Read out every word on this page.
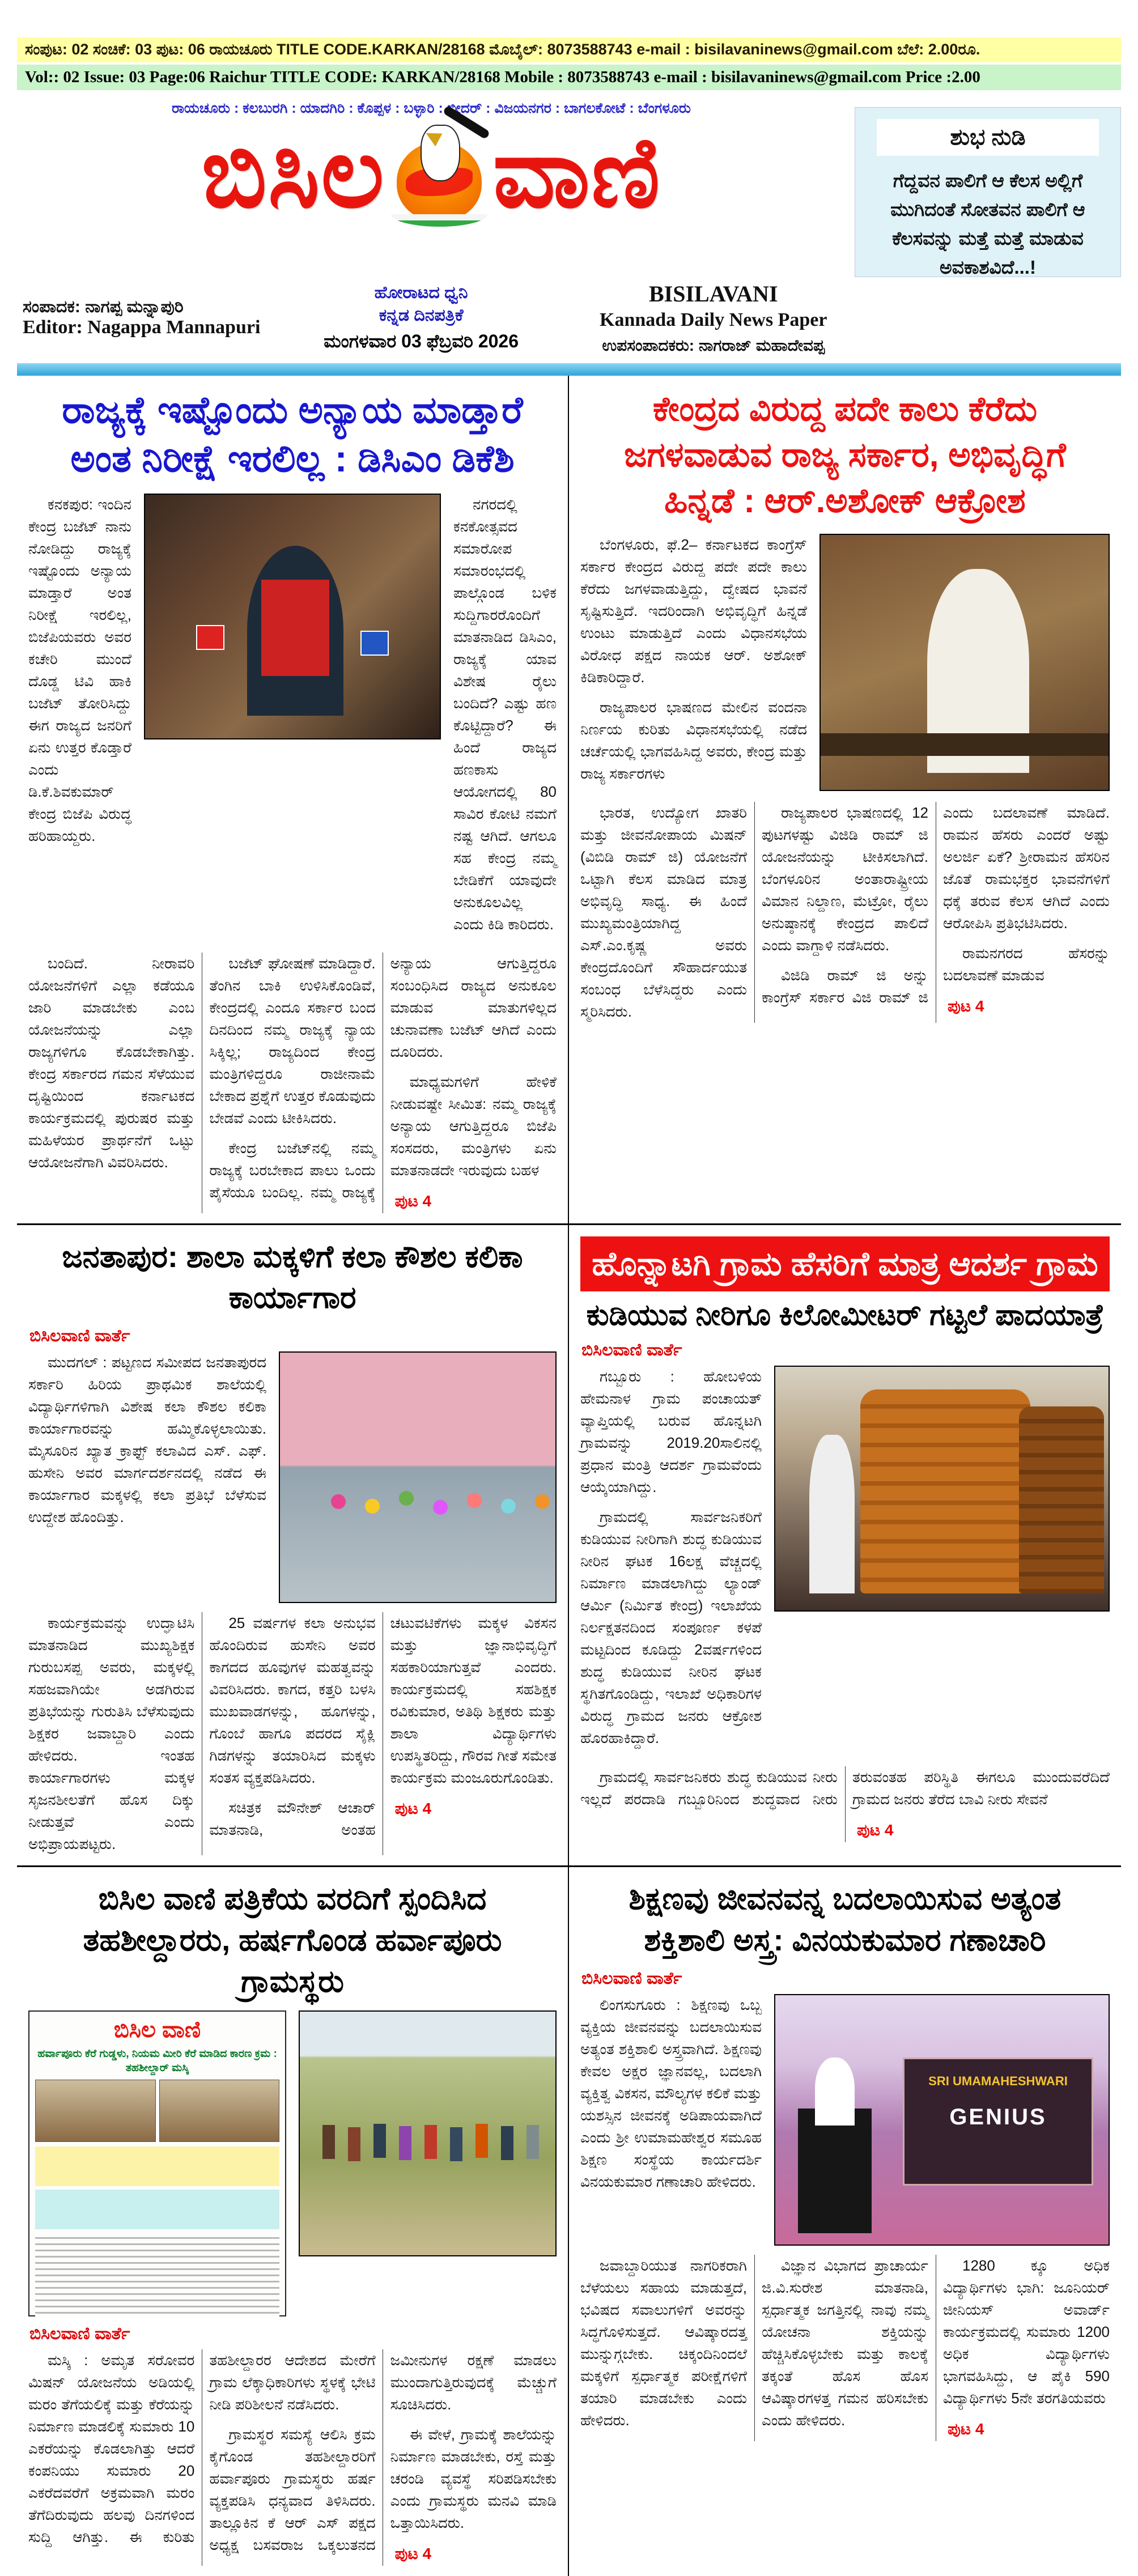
ಸಂಪುಟ: 02 ಸಂಚಿಕೆ: 03 ಪುಟ: 06 ರಾಯಚೂರು TITLE CODE.KARKAN/28168 ಮೊಬೈಲ್: 8073588743 e-mail : bisilavaninews@gmail.com ಬೆಲೆ: 2.00ರೂ.
Vol:: 02 Issue: 03 Page:06 Raichur TITLE CODE: KARKAN/28168 Mobile : 8073588743 e-mail : bisilavaninews@gmail.com Price :2.00
ರಾಯಚೂರು : ಕಲಬುರಗಿ : ಯಾದಗಿರಿ : ಕೊಪ್ಪಳ : ಬಳ್ಳಾರಿ : ಬೀದರ್ : ವಿಜಯನಗರ : ಬಾಗಲಕೋಟೆ : ಬೆಂಗಳೂರು
ಬಿಸಿಲ ವಾಣಿ	ಶುಭ ನುಡಿ
ಗೆದ್ದವನ ಪಾಲಿಗೆ ಆ ಕೆಲಸ ಅಲ್ಲಿಗೆ ಮುಗಿದಂತೆ ಸೋತವನ ಪಾಲಿಗೆ ಆ ಕೆಲಸವನ್ನು ಮತ್ತೆ ಮತ್ತೆ ಮಾಡುವ ಅವಕಾಶವಿದೆ...!
ಸಂಪಾದಕ: ನಾಗಪ್ಪ ಮನ್ನಾಪುರಿ
Editor: Nagappa Mannapuri
ಹೋರಾಟದ ಧ್ವನಿ
ಕನ್ನಡ ದಿನಪತ್ರಿಕೆ
ಮಂಗಳವಾರ 03 ಫೆಬ್ರವರಿ 2026
BISILAVANI
Kannada Daily News Paper
ಉಪಸಂಪಾದಕರು: ನಾಗರಾಜ್ ಮಹಾದೇವಪ್ಪ
ರಾಜ್ಯಕ್ಕೆ ಇಷ್ಟೊಂದು ಅನ್ಯಾಯ ಮಾಡ್ತಾರೆ ಅಂತ ನಿರೀಕ್ಷೆ ಇರಲಿಲ್ಲ : ಡಿಸಿಎಂ ಡಿಕೆಶಿ

ಕನಕಪುರ: ಇಂದಿನ ಕೇಂದ್ರ ಬಜೆಟ್ ನಾನು ನೋಡಿದ್ದು ರಾಜ್ಯಕ್ಕೆ ಇಷ್ಟೊಂದು ಅನ್ಯಾಯ ಮಾಡ್ತಾರೆ ಅಂತ ನಿರೀಕ್ಷೆ ಇರಲಿಲ್ಲ, ಬಿಜೆಪಿಯವರು ಅವರ ಕಚೇರಿ ಮುಂದೆ ದೊಡ್ಡ ಟಿವಿ ಹಾಕಿ ಬಜೆಟ್ ತೋರಿಸಿದ್ದು ಈಗ ರಾಜ್ಯದ ಜನರಿಗೆ ಏನು ಉತ್ತರ ಕೊಡ್ತಾರೆ ಎಂದು ಡಿ.ಕೆ.ಶಿವಕುಮಾರ್ ಕೇಂದ್ರ ಬಿಜೆಪಿ ವಿರುದ್ಧ ಹರಿಹಾಯ್ದರು.

ನಗರದಲ್ಲಿ ಕನಕೋತ್ಸವದ ಸಮಾರೋಪ ಸಮಾರಂಭದಲ್ಲಿ ಪಾಲ್ಗೊಂಡ ಬಳಿಕ ಸುದ್ದಿಗಾರರೊಂದಿಗೆ ಮಾತನಾಡಿದ ಡಿಸಿಎಂ, ರಾಜ್ಯಕ್ಕೆ ಯಾವ ವಿಶೇಷ ರೈಲು ಬಂದಿದೆ? ಎಷ್ಟು ಹಣ ಕೊಟ್ಟಿದ್ದಾರೆ? ಈ ಹಿಂದೆ ರಾಜ್ಯದ ಹಣಕಾಸು ಆಯೋಗದಲ್ಲಿ 80 ಸಾವಿರ ಕೋಟಿ ನಮಗೆ ನಷ್ಟ ಆಗಿದೆ. ಆಗಲೂ ಸಹ ಕೇಂದ್ರ ನಮ್ಮ ಬೇಡಿಕೆಗೆ ಯಾವುದೇ ಅನುಕೂಲವಿಲ್ಲ ಎಂದು ಕಿಡಿ ಕಾರಿದರು.

ಬಂದಿದೆ. ನೀರಾವರಿ ಯೋಜನೆಗಳಿಗೆ ಎಲ್ಲಾ ಕಡೆಯೂ ಜಾರಿ ಮಾಡಬೇಕು ಎಂಬ ಯೋಜನೆಯನ್ನು ಎಲ್ಲಾ ರಾಜ್ಯಗಳಿಗೂ ಕೊಡಬೇಕಾಗಿತ್ತು. ಕೇಂದ್ರ ಸರ್ಕಾರದ ಗಮನ ಸೆಳೆಯುವ ದೃಷ್ಟಿಯಿಂದ ಕರ್ನಾಟಕದ ಕಾರ್ಯಕ್ರಮದಲ್ಲಿ ಪುರುಷರ ಮತ್ತು ಮಹಿಳೆಯರ ಪ್ರಾರ್ಥನೆಗೆ ಒಟ್ಟು ಆಯೋಜನೆಗಾಗಿ ವಿವರಿಸಿದರು.

ಬಜೆಟ್ ಘೋಷಣೆ ಮಾಡಿದ್ದಾರೆ. ತೆಂಗಿನ ಬಾಕಿ ಉಳಿಸಿಕೊಂಡಿವೆ, ಕೇಂದ್ರದಲ್ಲಿ ಎಂದೂ ಸರ್ಕಾರ ಬಂದ ದಿನದಿಂದ ನಮ್ಮ ರಾಜ್ಯಕ್ಕೆ ನ್ಯಾಯ ಸಿಕ್ಕಿಲ್ಲ; ರಾಜ್ಯದಿಂದ ಕೇಂದ್ರ ಮಂತ್ರಿಗಳಿದ್ದರೂ ರಾಜೀನಾಮೆ ಬೇಕಾದ ಪ್ರಶ್ನೆಗೆ ಉತ್ತರ ಕೊಡುವುದು ಬೇಡವೆ ಎಂದು ಟೀಕಿಸಿದರು.

ಕೇಂದ್ರ ಬಜೆಟ್‌ನಲ್ಲಿ ನಮ್ಮ ರಾಜ್ಯಕ್ಕೆ ಬರಬೇಕಾದ ಪಾಲು ಒಂದು ಪೈಸೆಯೂ ಬಂದಿಲ್ಲ. ನಮ್ಮ ರಾಜ್ಯಕ್ಕೆ ಅನ್ಯಾಯ ಆಗುತ್ತಿದ್ದರೂ ಸಂಬಂಧಿಸಿದ ರಾಜ್ಯದ ಅನುಕೂಲ ಮಾಡುವ ಮಾತುಗಳಿಲ್ಲದ ಚುನಾವಣಾ ಬಜೆಟ್ ಆಗಿದೆ ಎಂದು ದೂರಿದರು.

ಮಾಧ್ಯಮಗಳಿಗೆ ಹೇಳಿಕೆ ನೀಡುವಷ್ಟೇ ಸೀಮಿತ: ನಮ್ಮ ರಾಜ್ಯಕ್ಕೆ ಅನ್ಯಾಯ ಆಗುತ್ತಿದ್ದರೂ ಬಿಜೆಪಿ ಸಂಸದರು, ಮಂತ್ರಿಗಳು ಏನು ಮಾತನಾಡದೇ ಇರುವುದು ಬಹಳ

ಪುಟ 4
ಕೇಂದ್ರದ ವಿರುದ್ದ ಪದೇ ಕಾಲು ಕೆರೆದು ಜಗಳವಾಡುವ ರಾಜ್ಯ ಸರ್ಕಾರ, ಅಭಿವೃದ್ಧಿಗೆ ಹಿನ್ನಡೆ : ಆರ್.ಅಶೋಕ್ ಆಕ್ರೋಶ

ಬೆಂಗಳೂರು, ಫೆ.2– ಕರ್ನಾಟಕದ ಕಾಂಗ್ರೆಸ್ ಸರ್ಕಾರ ಕೇಂದ್ರದ ವಿರುದ್ದ ಪದೇ ಪದೇ ಕಾಲು ಕೆರೆದು ಜಗಳವಾಡುತ್ತಿದ್ದು, ದ್ವೇಷದ ಭಾವನೆ ಸೃಷ್ಟಿಸುತ್ತಿದೆ. ಇದರಿಂದಾಗಿ ಅಭಿವೃದ್ಧಿಗೆ ಹಿನ್ನಡೆ ಉಂಟು ಮಾಡುತ್ತಿದೆ ಎಂದು ವಿಧಾನಸಭೆಯ ವಿರೋಧ ಪಕ್ಷದ ನಾಯಕ ಆರ್. ಅಶೋಕ್ ಕಿಡಿಕಾರಿದ್ದಾರೆ.

ರಾಜ್ಯಪಾಲರ ಭಾಷಣದ ಮೇಲಿನ ವಂದನಾ ನಿರ್ಣಯ ಕುರಿತು ವಿಧಾನಸಭೆಯಲ್ಲಿ ನಡೆದ ಚರ್ಚೆಯಲ್ಲಿ ಭಾಗವಹಿಸಿದ್ದ ಅವರು, ಕೇಂದ್ರ ಮತ್ತು ರಾಜ್ಯ ಸರ್ಕಾರಗಳು

ಭಾರತ, ಉದ್ಯೋಗ ಖಾತರಿ ಮತ್ತು ಜೀವನೋಪಾಯ ಮಿಷನ್ (ವಿಬಿಡಿ ರಾಮ್ ಜಿ) ಯೋಜನೆಗೆ ಒಟ್ಟಾಗಿ ಕೆಲಸ ಮಾಡಿದ ಮಾತ್ರ ಅಭಿವೃದ್ಧಿ ಸಾಧ್ಯ. ಈ ಹಿಂದೆ ಮುಖ್ಯಮಂತ್ರಿಯಾಗಿದ್ದ ಎಸ್.ಎಂ.ಕೃಷ್ಣ ಅವರು ಕೇಂದ್ರದೊಂದಿಗೆ ಸೌಹಾರ್ದಯುತ ಸಂಬಂಧ ಬೆಳೆಸಿದ್ದರು ಎಂದು ಸ್ಮರಿಸಿದರು.

ರಾಜ್ಯಪಾಲರ ಭಾಷಣದಲ್ಲಿ 12 ಪುಟಗಳಷ್ಟು ವಿಜಿಡಿ ರಾಮ್ ಜಿ ಯೋಜನೆಯನ್ನು ಟೀಕಿಸಲಾಗಿದೆ. ಬೆಂಗಳೂರಿನ ಅಂತಾರಾಷ್ಟ್ರೀಯ ವಿಮಾನ ನಿಲ್ದಾಣ, ಮೆಟ್ರೋ, ರೈಲು ಅನುಷ್ಠಾನಕ್ಕೆ ಕೇಂದ್ರದ ಪಾಲಿದೆ ಎಂದು ವಾಗ್ದಾಳಿ ನಡೆಸಿದರು.

ವಿಜಿಡಿ ರಾಮ್ ಜಿ ಅನ್ನು ಕಾಂಗ್ರೆಸ್ ಸರ್ಕಾರ ವಿಜಿ ರಾಮ್ ಜಿ ಎಂದು ಬದಲಾವಣೆ ಮಾಡಿದೆ. ರಾಮನ ಹೆಸರು ಎಂದರೆ ಅಷ್ಟು ಅಲರ್ಜಿ ಏಕೆ? ಶ್ರೀರಾಮನ ಹೆಸರಿನ ಜೊತೆ ರಾಮಭಕ್ತರ ಭಾವನೆಗಳಿಗೆ ಧಕ್ಕೆ ತರುವ ಕೆಲಸ ಆಗಿದೆ ಎಂದು ಆರೋಪಿಸಿ ಪ್ರತಿಭಟಿಸಿದರು.

ರಾಮನಗರದ ಹೆಸರನ್ನು ಬದಲಾವಣೆ ಮಾಡುವ

ಪುಟ 4
ಜನತಾಪುರ: ಶಾಲಾ ಮಕ್ಕಳಿಗೆ ಕಲಾ ಕೌಶಲ ಕಲಿಕಾ ಕಾರ್ಯಾಗಾರ
ಬಿಸಿಲವಾಣಿ ವಾರ್ತೆ

ಮುದಗಲ್ : ಪಟ್ಟಣದ ಸಮೀಪದ ಜನತಾಪುರದ ಸರ್ಕಾರಿ ಹಿರಿಯ ಪ್ರಾಥಮಿಕ ಶಾಲೆಯಲ್ಲಿ ವಿದ್ಯಾರ್ಥಿಗಳಿಗಾಗಿ ವಿಶೇಷ ಕಲಾ ಕೌಶಲ ಕಲಿಕಾ ಕಾರ್ಯಾಗಾರವನ್ನು ಹಮ್ಮಿಕೊಳ್ಳಲಾಯಿತು. ಮೈಸೂರಿನ ಖ್ಯಾತ ಕ್ರಾಫ್ಟ್ ಕಲಾವಿದ ಎಸ್. ಎಫ್. ಹುಸೇನಿ ಅವರ ಮಾರ್ಗದರ್ಶನದಲ್ಲಿ ನಡೆದ ಈ ಕಾರ್ಯಾಗಾರ ಮಕ್ಕಳಲ್ಲಿ ಕಲಾ ಪ್ರತಿಭೆ ಬೆಳೆಸುವ ಉದ್ದೇಶ ಹೊಂದಿತ್ತು.

ಕಾರ್ಯಕ್ರಮವನ್ನು ಉದ್ಘಾಟಿಸಿ ಮಾತನಾಡಿದ ಮುಖ್ಯಶಿಕ್ಷಕ ಗುರುಬಸಪ್ಪ ಅವರು, ಮಕ್ಕಳಲ್ಲಿ ಸಹಜವಾಗಿಯೇ ಅಡಗಿರುವ ಪ್ರತಿಭೆಯನ್ನು ಗುರುತಿಸಿ ಬೆಳೆಸುವುದು ಶಿಕ್ಷಕರ ಜವಾಬ್ದಾರಿ ಎಂದು ಹೇಳಿದರು. ಇಂತಹ ಕಾರ್ಯಾಗಾರಗಳು ಮಕ್ಕಳ ಸೃಜನಶೀಲತೆಗೆ ಹೊಸ ದಿಕ್ಕು ನೀಡುತ್ತವೆ ಎಂದು ಅಭಿಪ್ರಾಯಪಟ್ಟರು.

25 ವರ್ಷಗಳ ಕಲಾ ಅನುಭವ ಹೊಂದಿರುವ ಹುಸೇನಿ ಅವರ ಕಾಗದದ ಹೂವುಗಳ ಮಹತ್ವವನ್ನು ವಿವರಿಸಿದರು. ಕಾಗದ, ಕತ್ತರಿ ಬಳಸಿ ಮುಖವಾಡಗಳನ್ನು, ಹೂಗಳನ್ನು, ಗೊಂಬೆ ಹಾಗೂ ಪದರದ ಸೈಕ್ಲಿ ಗಿಡಗಳನ್ನು ತಯಾರಿಸಿದ ಮಕ್ಕಳು ಸಂತಸ ವ್ಯಕ್ತಪಡಿಸಿದರು.

ಸಚಿತ್ರಕ ಮೌನೇಶ್ ಆಚಾರ್ ಮಾತನಾಡಿ, ಅಂತಹ ಚಟುವಟಿಕೆಗಳು ಮಕ್ಕಳ ವಿಕಸನ ಮತ್ತು ಜ್ಞಾನಾಭಿವೃದ್ಧಿಗೆ ಸಹಕಾರಿಯಾಗುತ್ತವೆ ಎಂದರು. ಕಾರ್ಯಕ್ರಮದಲ್ಲಿ ಸಹಶಿಕ್ಷಕ ರವಿಕುಮಾರ, ಅತಿಥಿ ಶಿಕ್ಷಕರು ಮತ್ತು ಶಾಲಾ ವಿದ್ಯಾರ್ಥಿಗಳು ಉಪಸ್ಥಿತರಿದ್ದು, ಗೌರವ ಗೀತೆ ಸಮೇತ ಕಾರ್ಯಕ್ರಮ ಮಂಜೂರುಗೊಂಡಿತು.

ಪುಟ 4
ಹೊನ್ನಾಟಗಿ ಗ್ರಾಮ ಹೆಸರಿಗೆ ಮಾತ್ರ ಆದರ್ಶ ಗ್ರಾಮ
ಕುಡಿಯುವ ನೀರಿಗೂ ಕಿಲೋಮೀಟರ್ ಗಟ್ಟಲೆ ಪಾದಯಾತ್ರೆ
ಬಿಸಿಲವಾಣಿ ವಾರ್ತೆ

ಗಬ್ಬೂರು : ಹೋಬಳಿಯ ಹೇಮನಾಳ ಗ್ರಾಮ ಪಂಚಾಯತ್ ವ್ಯಾಪ್ತಿಯಲ್ಲಿ ಬರುವ ಹೊನ್ನಟಗಿ ಗ್ರಾಮವನ್ನು 2019.20ಸಾಲಿನಲ್ಲಿ ಪ್ರಧಾನ ಮಂತ್ರಿ ಆದರ್ಶ ಗ್ರಾಮವೆಂದು ಆಯ್ಕೆಯಾಗಿದ್ದು.

ಗ್ರಾಮದಲ್ಲಿ ಸಾರ್ವಜನಿಕರಿಗೆ ಕುಡಿಯುವ ನೀರಿಗಾಗಿ ಶುದ್ಧ ಕುಡಿಯುವ ನೀರಿನ ಘಟಕ 16ಲಕ್ಷ ವೆಚ್ಚದಲ್ಲಿ ನಿರ್ಮಾಣ ಮಾಡಲಾಗಿದ್ದು ಲ್ಯಾಂಡ್ ಆರ್ಮಿ (ನಿರ್ಮಿತ ಕೇಂದ್ರ) ಇಲಾಖೆಯ ನಿರ್ಲಕ್ಷತನದಿಂದ ಸಂಪೂರ್ಣ ಕಳಪೆ ಮಟ್ಟದಿಂದ ಕೂಡಿದ್ದು 2ವರ್ಷಗಳಿಂದ ಶುದ್ಧ ಕುಡಿಯುವ ನೀರಿನ ಘಟಕ ಸ್ಥಗಿತಗೊಂಡಿದ್ದು, ಇಲಾಖೆ ಅಧಿಕಾರಿಗಳ ವಿರುದ್ಧ ಗ್ರಾಮದ ಜನರು ಆಕ್ರೋಶ ಹೊರಹಾಕಿದ್ದಾರೆ.

ಗ್ರಾಮದಲ್ಲಿ ಸಾರ್ವಜನಿಕರು ಶುದ್ಧ ಕುಡಿಯುವ ನೀರು ಇಲ್ಲದೆ ಪರದಾಡಿ ಗಬ್ಬೂರಿನಿಂದ ಶುದ್ಧವಾದ ನೀರು ತರುವಂತಹ ಪರಿಸ್ಥಿತಿ ಈಗಲೂ ಮುಂದುವರೆದಿದೆ ಗ್ರಾಮದ ಜನರು ತೆರೆದ ಬಾವಿ ನೀರು ಸೇವನೆ

ಪುಟ 4
ಬಿಸಿಲ ವಾಣಿ ಪತ್ರಿಕೆಯ ವರದಿಗೆ ಸ್ಪಂದಿಸಿದ ತಹಶೀಲ್ದಾರರು, ಹರ್ಷಗೊಂಡ ಹರ್ವಾಪೂರು ಗ್ರಾಮಸ್ಥರು
ಬಿಸಿಲ ವಾಣಿ
ಹರ್ವಾಪೂರು ಕೆರೆ ಗುಡ್ಡಳು, ನಿಯಮ ಮೀರಿ ಕೆರೆ ಮಾಡಿದ ಕಾರಣ ಕ್ರಮ : ತಹಶೀಲ್ದಾರ್ ಮಸ್ಕಿ
ಬಿಸಿಲವಾಣಿ ವಾರ್ತೆ

ಮಸ್ಕಿ : ಅಮೃತ ಸರೋವರ ಮಿಷನ್ ಯೋಜನೆಯ ಅಡಿಯಲ್ಲಿ ಮರಂ ತೆಗೆಯಲಿಕ್ಕೆ ಮತ್ತು ಕೆರೆಯನ್ನು ನಿರ್ಮಾಣ ಮಾಡಲಿಕ್ಕೆ ಸುಮಾರು 10 ಎಕರೆಯನ್ನು ಕೊಡಲಾಗಿತ್ತು ಆದರೆ ಕಂಪನಿಯು ಸುಮಾರು 20 ಎಕರೆದವರೆಗೆ ಅಕ್ರಮವಾಗಿ ಮರಂ ತೆಗೆದಿರುವುದು ಹಲವು ದಿನಗಳಿಂದ ಸುದ್ದಿ ಆಗಿತ್ತು. ಈ ಕುರಿತು ತಹಶೀಲ್ದಾರರ ಆದೇಶದ ಮೇರೆಗೆ ಗ್ರಾಮ ಲೆಕ್ಕಾಧಿಕಾರಿಗಳು ಸ್ಥಳಕ್ಕೆ ಭೇಟಿ ನೀಡಿ ಪರಿಶೀಲನೆ ನಡೆಸಿದರು.

ಗ್ರಾಮಸ್ಥರ ಸಮಸ್ಯೆ ಆಲಿಸಿ ಕ್ರಮ ಕೈಗೊಂಡ ತಹಶೀಲ್ದಾರರಿಗೆ ಹರ್ವಾಪೂರು ಗ್ರಾಮಸ್ಥರು ಹರ್ಷ ವ್ಯಕ್ತಪಡಿಸಿ ಧನ್ಯವಾದ ತಿಳಿಸಿದರು. ತಾಲ್ಲೂಕಿನ ಕೆ ಆರ್ ಎಸ್ ಪಕ್ಷದ ಅಧ್ಯಕ್ಷ ಬಸವರಾಜ ಒಕ್ಕಲುತನದ ಜಮೀನುಗಳ ರಕ್ಷಣೆ ಮಾಡಲು ಮುಂದಾಗುತ್ತಿರುವುದಕ್ಕೆ ಮೆಚ್ಚುಗೆ ಸೂಚಿಸಿದರು.

ಈ ವೇಳೆ, ಗ್ರಾಮಕ್ಕೆ ಶಾಲೆಯನ್ನು ನಿರ್ಮಾಣ ಮಾಡಬೇಕು, ರಸ್ತೆ ಮತ್ತು ಚರಂಡಿ ವ್ಯವಸ್ಥೆ ಸರಿಪಡಿಸಬೇಕು ಎಂದು ಗ್ರಾಮಸ್ಥರು ಮನವಿ ಮಾಡಿ ಒತ್ತಾಯಿಸಿದರು.

ಪುಟ 4
ಶಿಕ್ಷಣವು ಜೀವನವನ್ನ ಬದಲಾಯಿಸುವ ಅತ್ಯಂತ ಶಕ್ತಿಶಾಲಿ ಅಸ್ತ್ರ: ವಿನಯಕುಮಾರ ಗಣಾಚಾರಿ
ಬಿಸಿಲವಾಣಿ ವಾರ್ತೆ

ಲಿಂಗಸುಗೂರು : ಶಿಕ್ಷಣವು ಒಬ್ಬ ವ್ಯಕ್ತಿಯ ಜೀವನವನ್ನು ಬದಲಾಯಿಸುವ ಅತ್ಯಂತ ಶಕ್ತಿಶಾಲಿ ಅಸ್ತ್ರವಾಗಿದೆ. ಶಿಕ್ಷಣವು ಕೇವಲ ಅಕ್ಷರ ಜ್ಞಾನವಲ್ಲ, ಬದಲಾಗಿ ವ್ಯಕ್ತಿತ್ವ ವಿಕಸನ, ಮೌಲ್ಯಗಳ ಕಲಿಕೆ ಮತ್ತು ಯಶಸ್ಸಿನ ಜೀವನಕ್ಕೆ ಅಡಿಪಾಯವಾಗಿದೆ ಎಂದು ಶ್ರೀ ಉಮಾಮಹೇಶ್ವರ ಸಮೂಹ ಶಿಕ್ಷಣ ಸಂಸ್ಥೆಯ ಕಾರ್ಯದರ್ಶಿ ವಿನಯಕುಮಾರ ಗಣಾಚಾರಿ ಹೇಳಿದರು.

SRI UMAMAHESHWARI
GENIUS

ಜವಾಬ್ದಾರಿಯುತ ನಾಗರಿಕರಾಗಿ ಬೆಳೆಯಲು ಸಹಾಯ ಮಾಡುತ್ತದೆ, ಭವಿಷದ ಸವಾಲುಗಳಿಗೆ ಅವರನ್ನು ಸಿದ್ಧಗೊಳಿಸುತ್ತದೆ. ಆವಿಷ್ಕಾರದತ್ತ ಮುನ್ನುಗ್ಗಬೇಕು. ಚಿಕ್ಕಂದಿನಿಂದಲೆ ಮಕ್ಕಳಿಗೆ ಸ್ಪರ್ಧಾತ್ಮಕ ಪರೀಕ್ಷೆಗಳಿಗೆ ತಯಾರಿ ಮಾಡಬೇಕು ಎಂದು ಹೇಳಿದರು.

ವಿಜ್ಞಾನ ವಿಭಾಗದ ಪ್ರಾಚಾರ್ಯ ಜಿ.ವಿ.ಸುರೇಶ ಮಾತನಾಡಿ, ಸ್ಪರ್ಧಾತ್ಮಕ ಜಗತ್ತಿನಲ್ಲಿ ನಾವು ನಮ್ಮ ಯೋಚನಾ ಶಕ್ತಿಯನ್ನು ಹೆಚ್ಚಿಸಿಕೊಳ್ಳಬೇಕು ಮತ್ತು ಕಾಲಕ್ಕೆ ತಕ್ಕಂತೆ ಹೊಸ ಹೊಸ ಆವಿಷ್ಕಾರಗಳತ್ತ ಗಮನ ಹರಿಸಬೇಕು ಎಂದು ಹೇಳಿದರು.

1280 ಕ್ಕೂ ಅಧಿಕ ವಿದ್ಯಾರ್ಥಿಗಳು ಭಾಗಿ: ಜೂನಿಯರ್ ಜೀನಿಯಸ್ ಅವಾರ್ಡ್ ಕಾರ್ಯಕ್ರಮದಲ್ಲಿ ಸುಮಾರು 1200 ಅಧಿಕ ವಿದ್ಯಾರ್ಥಿಗಳು ಭಾಗವಹಿಸಿದ್ದು, ಆ ಪೈಕಿ 590 ವಿದ್ಯಾರ್ಥಿಗಳು 5ನೇ ತರಗತಿಯವರು

ಪುಟ 4
